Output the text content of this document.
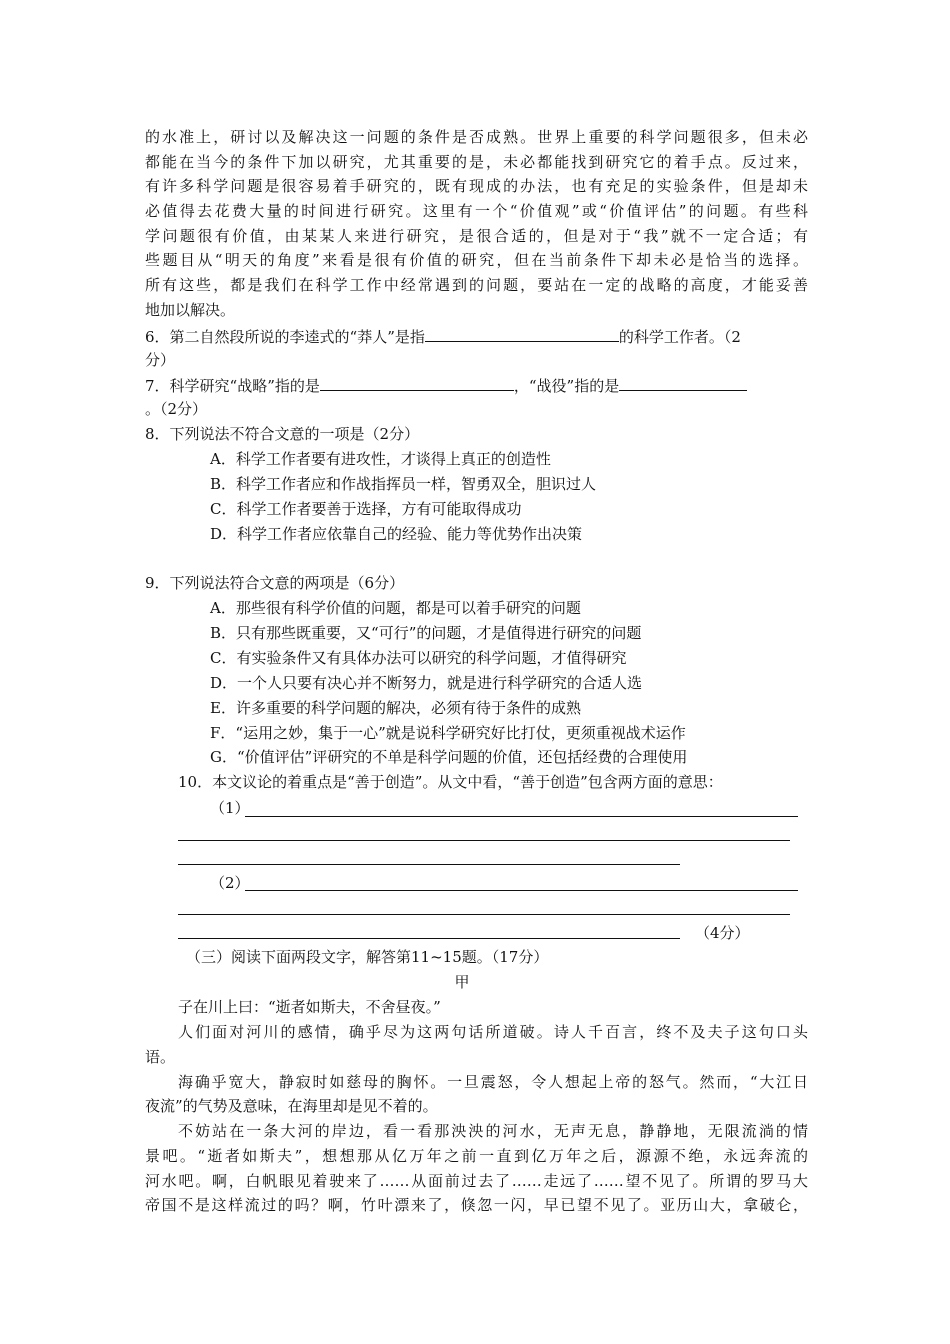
的水准上，研讨以及解决这一问题的条件是否成熟。世界上重要的科学问题很多，但未必
都能在当今的条件下加以研究，尤其重要的是，未必都能找到研究它的着手点。反过来，
有许多科学问题是很容易着手研究的，既有现成的办法，也有充足的实验条件，但是却未
必值得去花费大量的时间进行研究。这里有一个“价值观”或“价值评估”的问题。有些科
学问题很有价值，由某某人来进行研究，是很合适的，但是对于“我”就不一定合适；有
些题目从“明天的角度”来看是很有价值的研究，但在当前条件下却未必是恰当的选择。
所有这些，都是我们在科学工作中经常遇到的问题，要站在一定的战略的高度，才能妥善
地加以解决。
6．第二自然段所说的李逵式的“莽人”是指	的科学工作者。（2
分）
7．科学研究“战略”指的是	，“战役”指的是
。（2分）
8．下列说法不符合文意的一项是（2分）
A．科学工作者要有进攻性，才谈得上真正的创造性
B．科学工作者应和作战指挥员一样，智勇双全，胆识过人
C．科学工作者要善于选择，方有可能取得成功
D．科学工作者应依靠自己的经验、能力等优势作出决策
9．下列说法符合文意的两项是（6分）
A．那些很有科学价值的问题，都是可以着手研究的问题
B．只有那些既重要，又“可行”的问题，才是值得进行研究的问题
C．有实验条件又有具体办法可以研究的科学问题，才值得研究
D．一个人只要有决心并不断努力，就是进行科学研究的合适人选
E．许多重要的科学问题的解决，必须有待于条件的成熟
F．“运用之妙，集于一心”就是说科学研究好比打仗，更须重视战术运作
G．“价值评估”评研究的不单是科学问题的价值，还包括经费的合理使用
10．本文议论的着重点是“善于创造”。从文中看，“善于创造”包含两方面的意思：
（1）
（2）
（4分）
（三）阅读下面两段文字，解答第11~15题。（17分）
甲
子在川上曰：“逝者如斯夫，不舍昼夜。”
人们面对河川的感情，确乎尽为这两句话所道破。诗人千百言，终不及夫子这句口头
语。
海确乎宽大，静寂时如慈母的胸怀。一旦震怒，令人想起上帝的怒气。然而，“大江日
夜流”的气势及意味，在海里却是见不着的。
不妨站在一条大河的岸边，看一看那泱泱的河水，无声无息，静静地，无限流淌的情
景吧。“逝者如斯夫”，想想那从亿万年之前一直到亿万年之后，源源不绝，永远奔流的
河水吧。啊，白帆眼见着驶来了……从面前过去了……走远了……望不见了。所谓的罗马大
帝国不是这样流过的吗？啊，竹叶漂来了，倏忽一闪，早已望不见了。亚历山大，拿破仑，
